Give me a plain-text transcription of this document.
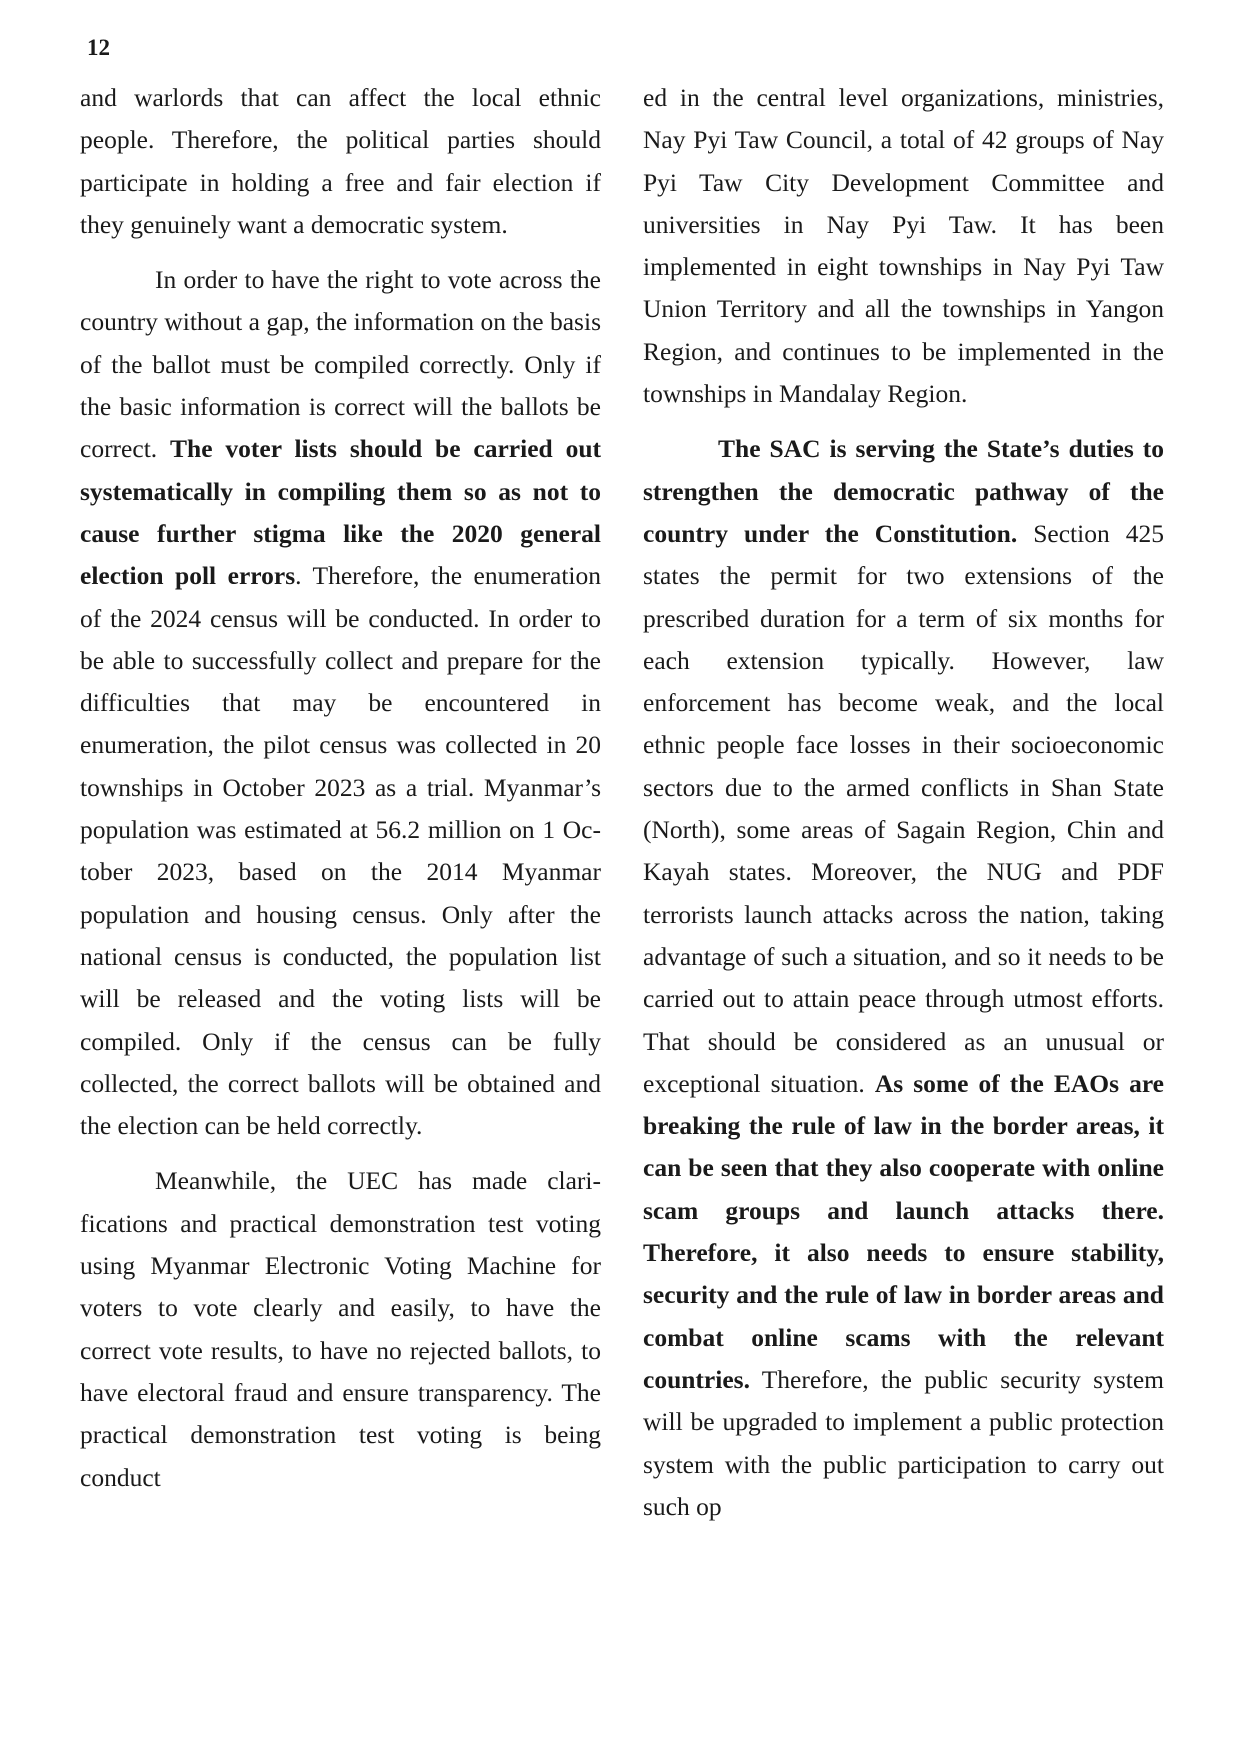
12

and warlords that can affect the local ethnic people. Therefore, the political parties should participate in holding a free and fair election if they genuinely want a democratic system.

In order to have the right to vote across the country without a gap, the information on the basis of the ballot must be compiled correctly. Only if the basic information is correct will the ballots be correct. The voter lists should be carried out systematically in compiling them so as not to cause further stigma like the 2020 general election poll errors. Therefore, the enumeration of the 2024 census will be conducted. In order to be able to successfully collect and prepare for the difficulties that may be encountered in enumeration, the pilot census was collected in 20 townships in October 2023 as a trial. Myanmar’s population was estimated at 56.2 million on 1 October 2023, based on the 2014 Myanmar population and housing census. Only after the national census is conducted, the population list will be released and the voting lists will be compiled. Only if the census can be fully collected, the correct ballots will be obtained and the election can be held correctly.

Meanwhile, the UEC has made clarifications and practical demonstration test voting using Myanmar Electronic Voting Machine for voters to vote clearly and easily, to have the correct vote results, to have no rejected ballots, to have electoral fraud and ensure transparency. The practical demonstration test voting is being conduct

ed in the central level organizations, ministries, Nay Pyi Taw Council, a total of 42 groups of Nay Pyi Taw City Development Committee and universities in Nay Pyi Taw. It has been implemented in eight townships in Nay Pyi Taw Union Territory and all the townships in Yangon Region, and continues to be implemented in the townships in Mandalay Region.

The SAC is serving the State’s duties to strengthen the democratic pathway of the country under the Constitution. Section 425 states the permit for two extensions of the prescribed duration for a term of six months for each extension typically. However, law enforcement has become weak, and the local ethnic people face losses in their socioeconomic sectors due to the armed conflicts in Shan State (North), some areas of Sagain Region, Chin and Kayah states. Moreover, the NUG and PDF terrorists launch attacks across the nation, taking advantage of such a situation, and so it needs to be carried out to attain peace through utmost efforts. That should be considered as an unusual or exceptional situation. As some of the EAOs are breaking the rule of law in the border areas, it can be seen that they also cooperate with online scam groups and launch attacks there. Therefore, it also needs to ensure stability, security and the rule of law in border areas and combat online scams with the relevant countries. Therefore, the public security system will be upgraded to implement a public protection system with the public participation to carry out such op
